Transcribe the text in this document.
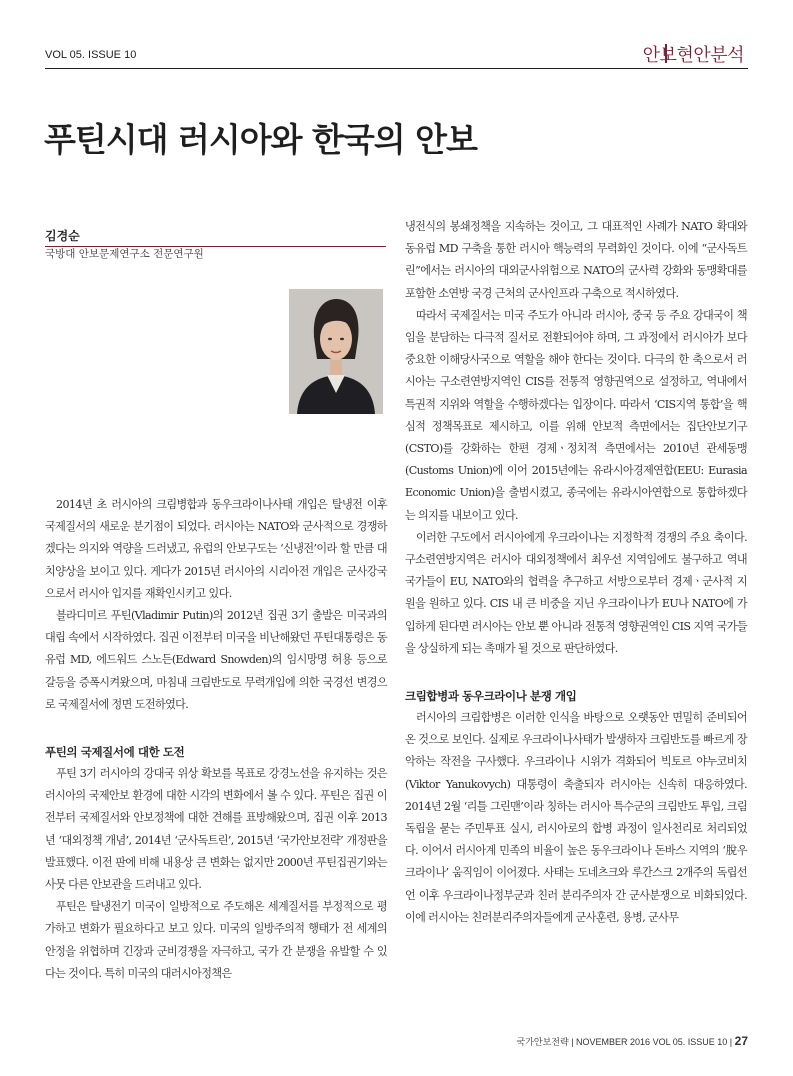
VOL 05. ISSUE 10	안보현안분석
푸틴시대 러시아와 한국의 안보
김경순
국방대 안보문제연구소 전문연구원

2014년 초 러시아의 크림병합과 동우크라이나사태 개입은 탈냉전 이후 국제질서의 새로운 분기점이 되었다. 러시아는 NATO와 군사적으로 경쟁하겠다는 의지와 역량을 드러냈고, 유럽의 안보구도는 ‘신냉전’이라 할 만큼 대치양상을 보이고 있다. 게다가 2015년 러시아의 시리아전 개입은 군사강국으로서 러시아 입지를 재확인시키고 있다.

블라디미르 푸틴(Vladimir Putin)의 2012년 집권 3기 출발은 미국과의 대립 속에서 시작하였다. 집권 이전부터 미국을 비난해왔던 푸틴대통령은 동유럽 MD, 에드워드 스노든(Edward Snowden)의 임시망명 허용 등으로 갈등을 증폭시켜왔으며, 마침내 크림반도로 무력개입에 의한 국경선 변경으로 국제질서에 정면 도전하였다.

푸틴의 국제질서에 대한 도전

푸틴 3기 러시아의 강대국 위상 확보를 목표로 강경노선을 유지하는 것은 러시아의 국제안보 환경에 대한 시각의 변화에서 볼 수 있다. 푸틴은 집권 이전부터 국제질서와 안보정책에 대한 견해를 표방해왔으며, 집권 이후 2013년 ‘대외정책 개념’, 2014년 ‘군사독트린’, 2015년 ‘국가안보전략’ 개정판을 발표했다. 이전 판에 비해 내용상 큰 변화는 없지만 2000년 푸틴집권기와는 사뭇 다른 안보관을 드러내고 있다.

푸틴은 탈냉전기 미국이 일방적으로 주도해온 세계질서를 부정적으로 평가하고 변화가 필요하다고 보고 있다. 미국의 일방주의적 행태가 전 세계의 안정을 위협하며 긴장과 군비경쟁을 자극하고, 국가 간 분쟁을 유발할 수 있다는 것이다. 특히 미국의 대러시아정책은

냉전식의 봉쇄정책을 지속하는 것이고, 그 대표적인 사례가 NATO 확대와 동유럽 MD 구축을 통한 러시아 핵능력의 무력화인 것이다. 이에 “군사독트린”에서는 러시아의 대외군사위험으로 NATO의 군사력 강화와 동맹확대를 포함한 소연방 국경 근처의 군사인프라 구축으로 적시하였다.

따라서 국제질서는 미국 주도가 아니라 러시아, 중국 등 주요 강대국이 책임을 분담하는 다극적 질서로 전환되어야 하며, 그 과정에서 러시아가 보다 중요한 이해당사국으로 역할을 해야 한다는 것이다. 다극의 한 축으로서 러시아는 구소련연방지역인 CIS를 전통적 영향권역으로 설정하고, 역내에서 특권적 지위와 역할을 수행하겠다는 입장이다. 따라서 ‘CIS지역 통합’을 핵심적 정책목표로 제시하고, 이를 위해 안보적 측면에서는 집단안보기구(CSTO)를 강화하는 한편 경제ㆍ정치적 측면에서는 2010년 관세동맹(Customs Union)에 이어 2015년에는 유라시아경제연합(EEU: Eurasia Economic Union)을 출범시켰고, 종국에는 유라시아연합으로 통합하겠다는 의지를 내보이고 있다.

이러한 구도에서 러시아에게 우크라이나는 지정학적 경쟁의 주요 축이다. 구소련연방지역은 러시아 대외정책에서 최우선 지역임에도 불구하고 역내 국가들이 EU, NATO와의 협력을 추구하고 서방으로부터 경제ㆍ군사적 지원을 원하고 있다. CIS 내 큰 비중을 지닌 우크라이나가 EU나 NATO에 가입하게 된다면 러시아는 안보 뿐 아니라 전통적 영향권역인 CIS 지역 국가들을 상실하게 되는 촉매가 될 것으로 판단하였다.

크림합병과 동우크라이나 분쟁 개입

러시아의 크림합병은 이러한 인식을 바탕으로 오랫동안 면밀히 준비되어온 것으로 보인다. 실제로 우크라이나사태가 발생하자 크림반도를 빠르게 장악하는 작전을 구사했다. 우크라이나 시위가 격화되어 빅토르 야누코비치(Viktor Yanukovych) 대통령이 축출되자 러시아는 신속히 대응하였다. 2014년 2월 ‘리틀 그린맨’이라 칭하는 러시아 특수군의 크림반도 투입, 크림독립을 묻는 주민투표 실시, 러시아로의 합병 과정이 일사천리로 처리되었다. 이어서 러시아계 민족의 비율이 높은 동우크라이나 돈바스 지역의 ‘脫우크라이나’ 움직임이 이어졌다. 사태는 도네츠크와 루간스크 2개주의 독립선언 이후 우크라이나정부군과 친러 분리주의자 간 군사분쟁으로 비화되었다. 이에 러시아는 친러분리주의자들에게 군사훈련, 용병, 군사무

국가안보전략 | NOVEMBER 2016 VOL 05. ISSUE 10 | 27
